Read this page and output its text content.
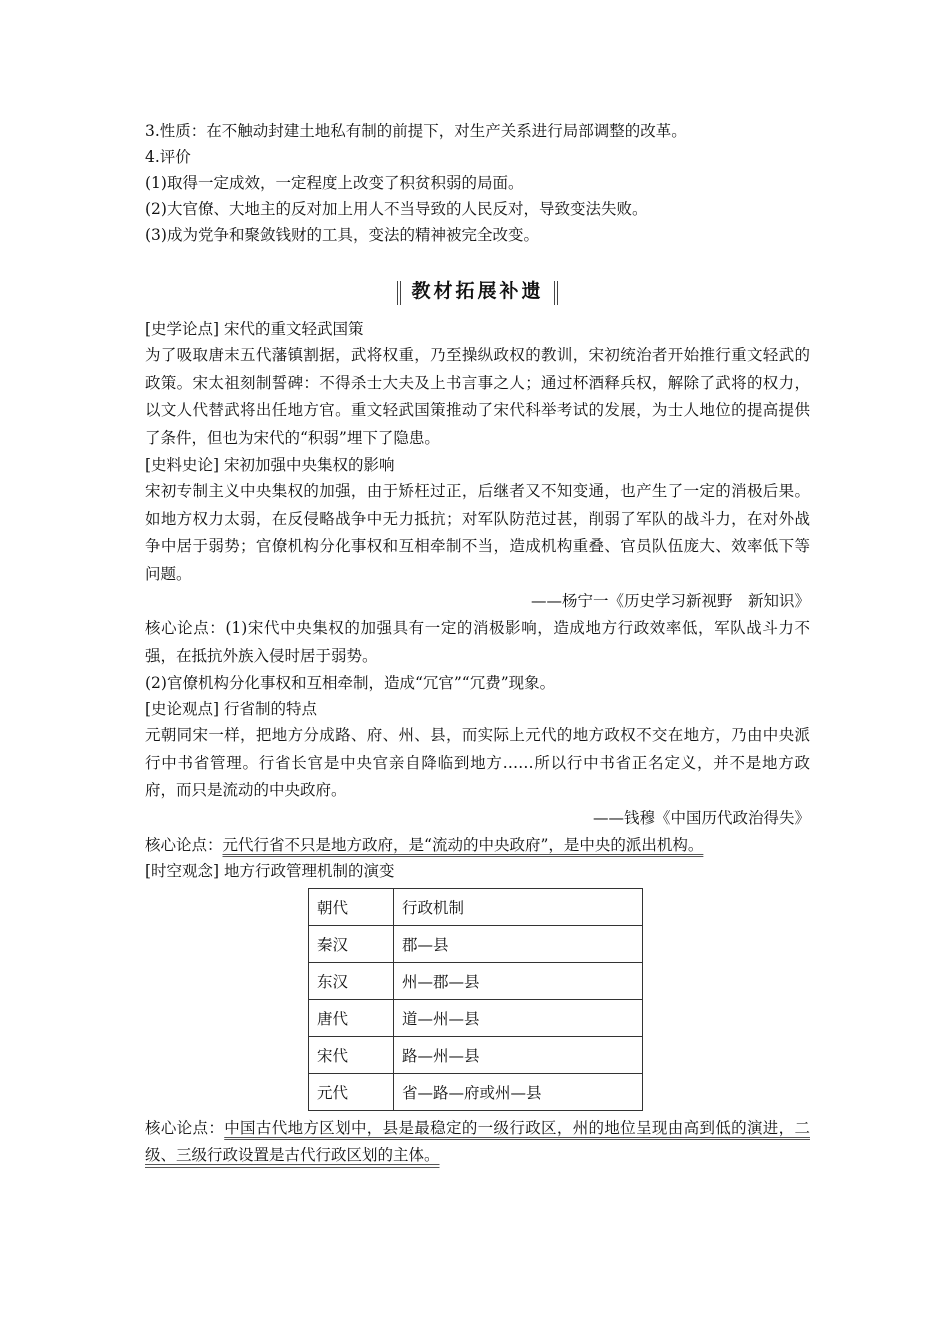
3.性质：在不触动封建土地私有制的前提下，对生产关系进行局部调整的改革。
4.评价
(1)取得一定成效，一定程度上改变了积贫积弱的局面。
(2)大官僚、大地主的反对加上用人不当导致的人民反对，导致变法失败。
(3)成为党争和聚敛钱财的工具，变法的精神被完全改变。
教材拓展补遗
[史学论点] 宋代的重文轻武国策
为了吸取唐末五代藩镇割据，武将权重，乃至操纵政权的教训，宋初统治者开始推行重文轻武的政策。宋太祖刻制誓碑：不得杀士大夫及上书言事之人；通过杯酒释兵权，解除了武将的权力，以文人代替武将出任地方官。重文轻武国策推动了宋代科举考试的发展，为士人地位的提高提供了条件，但也为宋代的“积弱”埋下了隐患。
[史料史论] 宋初加强中央集权的影响
宋初专制主义中央集权的加强，由于矫枉过正，后继者又不知变通，也产生了一定的消极后果。如地方权力太弱，在反侵略战争中无力抵抗；对军队防范过甚，削弱了军队的战斗力，在对外战争中居于弱势；官僚机构分化事权和互相牵制不当，造成机构重叠、官员队伍庞大、效率低下等问题。
——杨宁一《历史学习新视野　新知识》
核心论点：(1)宋代中央集权的加强具有一定的消极影响，造成地方行政效率低，军队战斗力不强，在抵抗外族入侵时居于弱势。
(2)官僚机构分化事权和互相牵制，造成“冗官”“冗费”现象。
[史论观点] 行省制的特点
元朝同宋一样，把地方分成路、府、州、县，而实际上元代的地方政权不交在地方，乃由中央派行中书省管理。行省长官是中央官亲自降临到地方……所以行中书省正名定义，并不是地方政府，而只是流动的中央政府。
——钱穆《中国历代政治得失》
核心论点：元代行省不只是地方政府，是“流动的中央政府”，是中央的派出机构。
[时空观念] 地方行政管理机制的演变
朝代	行政机制
秦汉	郡—县
东汉	州—郡—县
唐代	道—州—县
宋代	路—州—县
元代	省—路—府或州—县
核心论点：中国古代地方区划中，县是最稳定的一级行政区，州的地位呈现由高到低的演进，二级、三级行政设置是古代行政区划的主体。
